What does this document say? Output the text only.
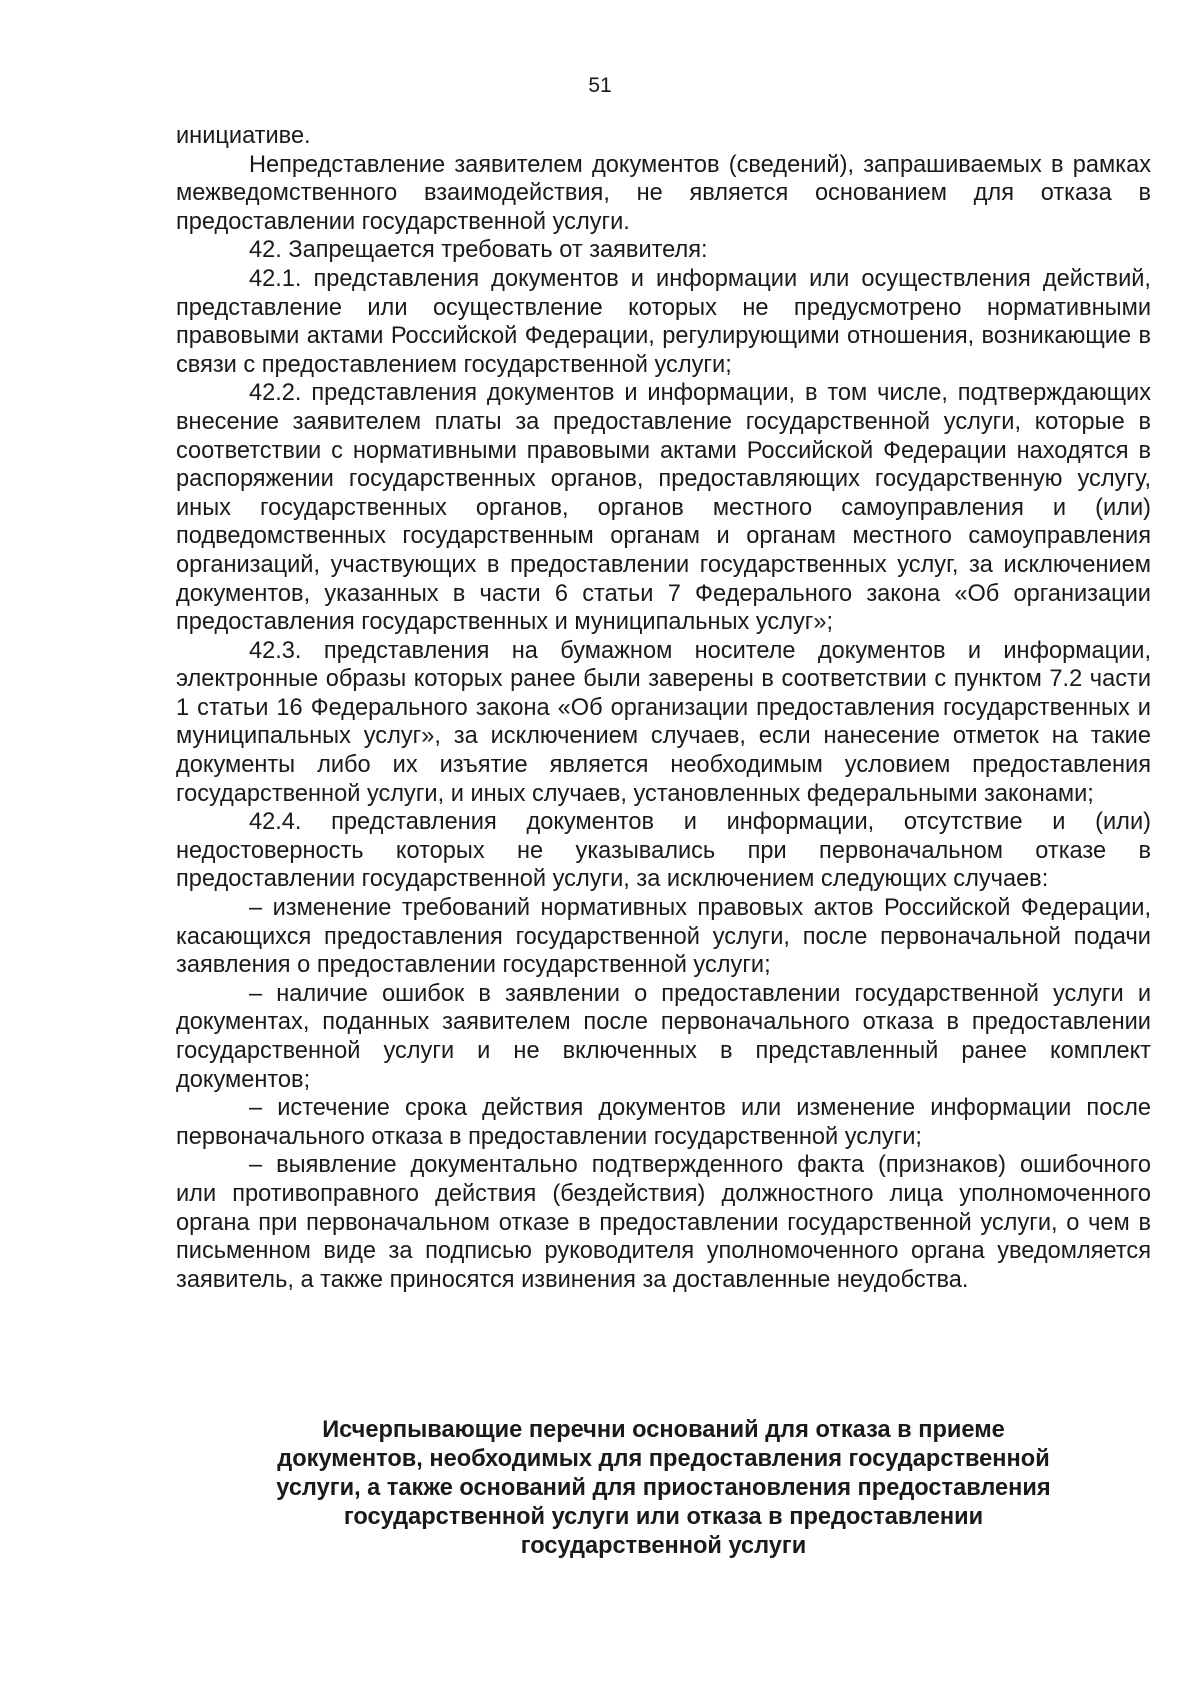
51

инициативе.

Непредставление заявителем документов (сведений), запрашиваемых в рамках межведомственного взаимодействия, не является основанием для отказа в предоставлении государственной услуги.

42. Запрещается требовать от заявителя:

42.1. представления документов и информации или осуществления действий, представление или осуществление которых не предусмотрено нормативными правовыми актами Российской Федерации, регулирующими отношения, возникающие в связи с предоставлением государственной услуги;

42.2. представления документов и информации, в том числе, подтверждающих внесение заявителем платы за предоставление государственной услуги, которые в соответствии с нормативными правовыми актами Российской Федерации находятся в распоряжении государственных органов, предоставляющих государственную услугу, иных государственных органов, органов местного самоуправления и (или) подведомственных государственным органам и органам местного самоуправления организаций, участвующих в предоставлении государственных услуг, за исключением документов, указанных в части 6 статьи 7 Федерального закона «Об организации предоставления государственных и муниципальных услуг»;

42.3. представления на бумажном носителе документов и информации, электронные образы которых ранее были заверены в соответствии с пунктом 7.2 части 1 статьи 16 Федерального закона «Об организации предоставления государственных и муниципальных услуг», за исключением случаев, если нанесение отметок на такие документы либо их изъятие является необходимым условием предоставления государственной услуги, и иных случаев, установленных федеральными законами;

42.4. представления документов и информации, отсутствие и (или) недостоверность которых не указывались при первоначальном отказе в предоставлении государственной услуги, за исключением следующих случаев:

– изменение требований нормативных правовых актов Российской Федерации, касающихся предоставления государственной услуги, после первоначальной подачи заявления о предоставлении государственной услуги;

– наличие ошибок в заявлении о предоставлении государственной услуги и документах, поданных заявителем после первоначального отказа в предоставлении государственной услуги и не включенных в представленный ранее комплект документов;

– истечение срока действия документов или изменение информации после первоначального отказа в предоставлении государственной услуги;

– выявление документально подтвержденного факта (признаков) ошибочного или противоправного действия (бездействия) должностного лица уполномоченного органа при первоначальном отказе в предоставлении государственной услуги, о чем в письменном виде за подписью руководителя уполномоченного органа уведомляется заявитель, а также приносятся извинения за доставленные неудобства.

Исчерпывающие перечни оснований для отказа в приеме
документов, необходимых для предоставления государственной
услуги, а также оснований для приостановления предоставления
государственной услуги или отказа в предоставлении
государственной услуги
